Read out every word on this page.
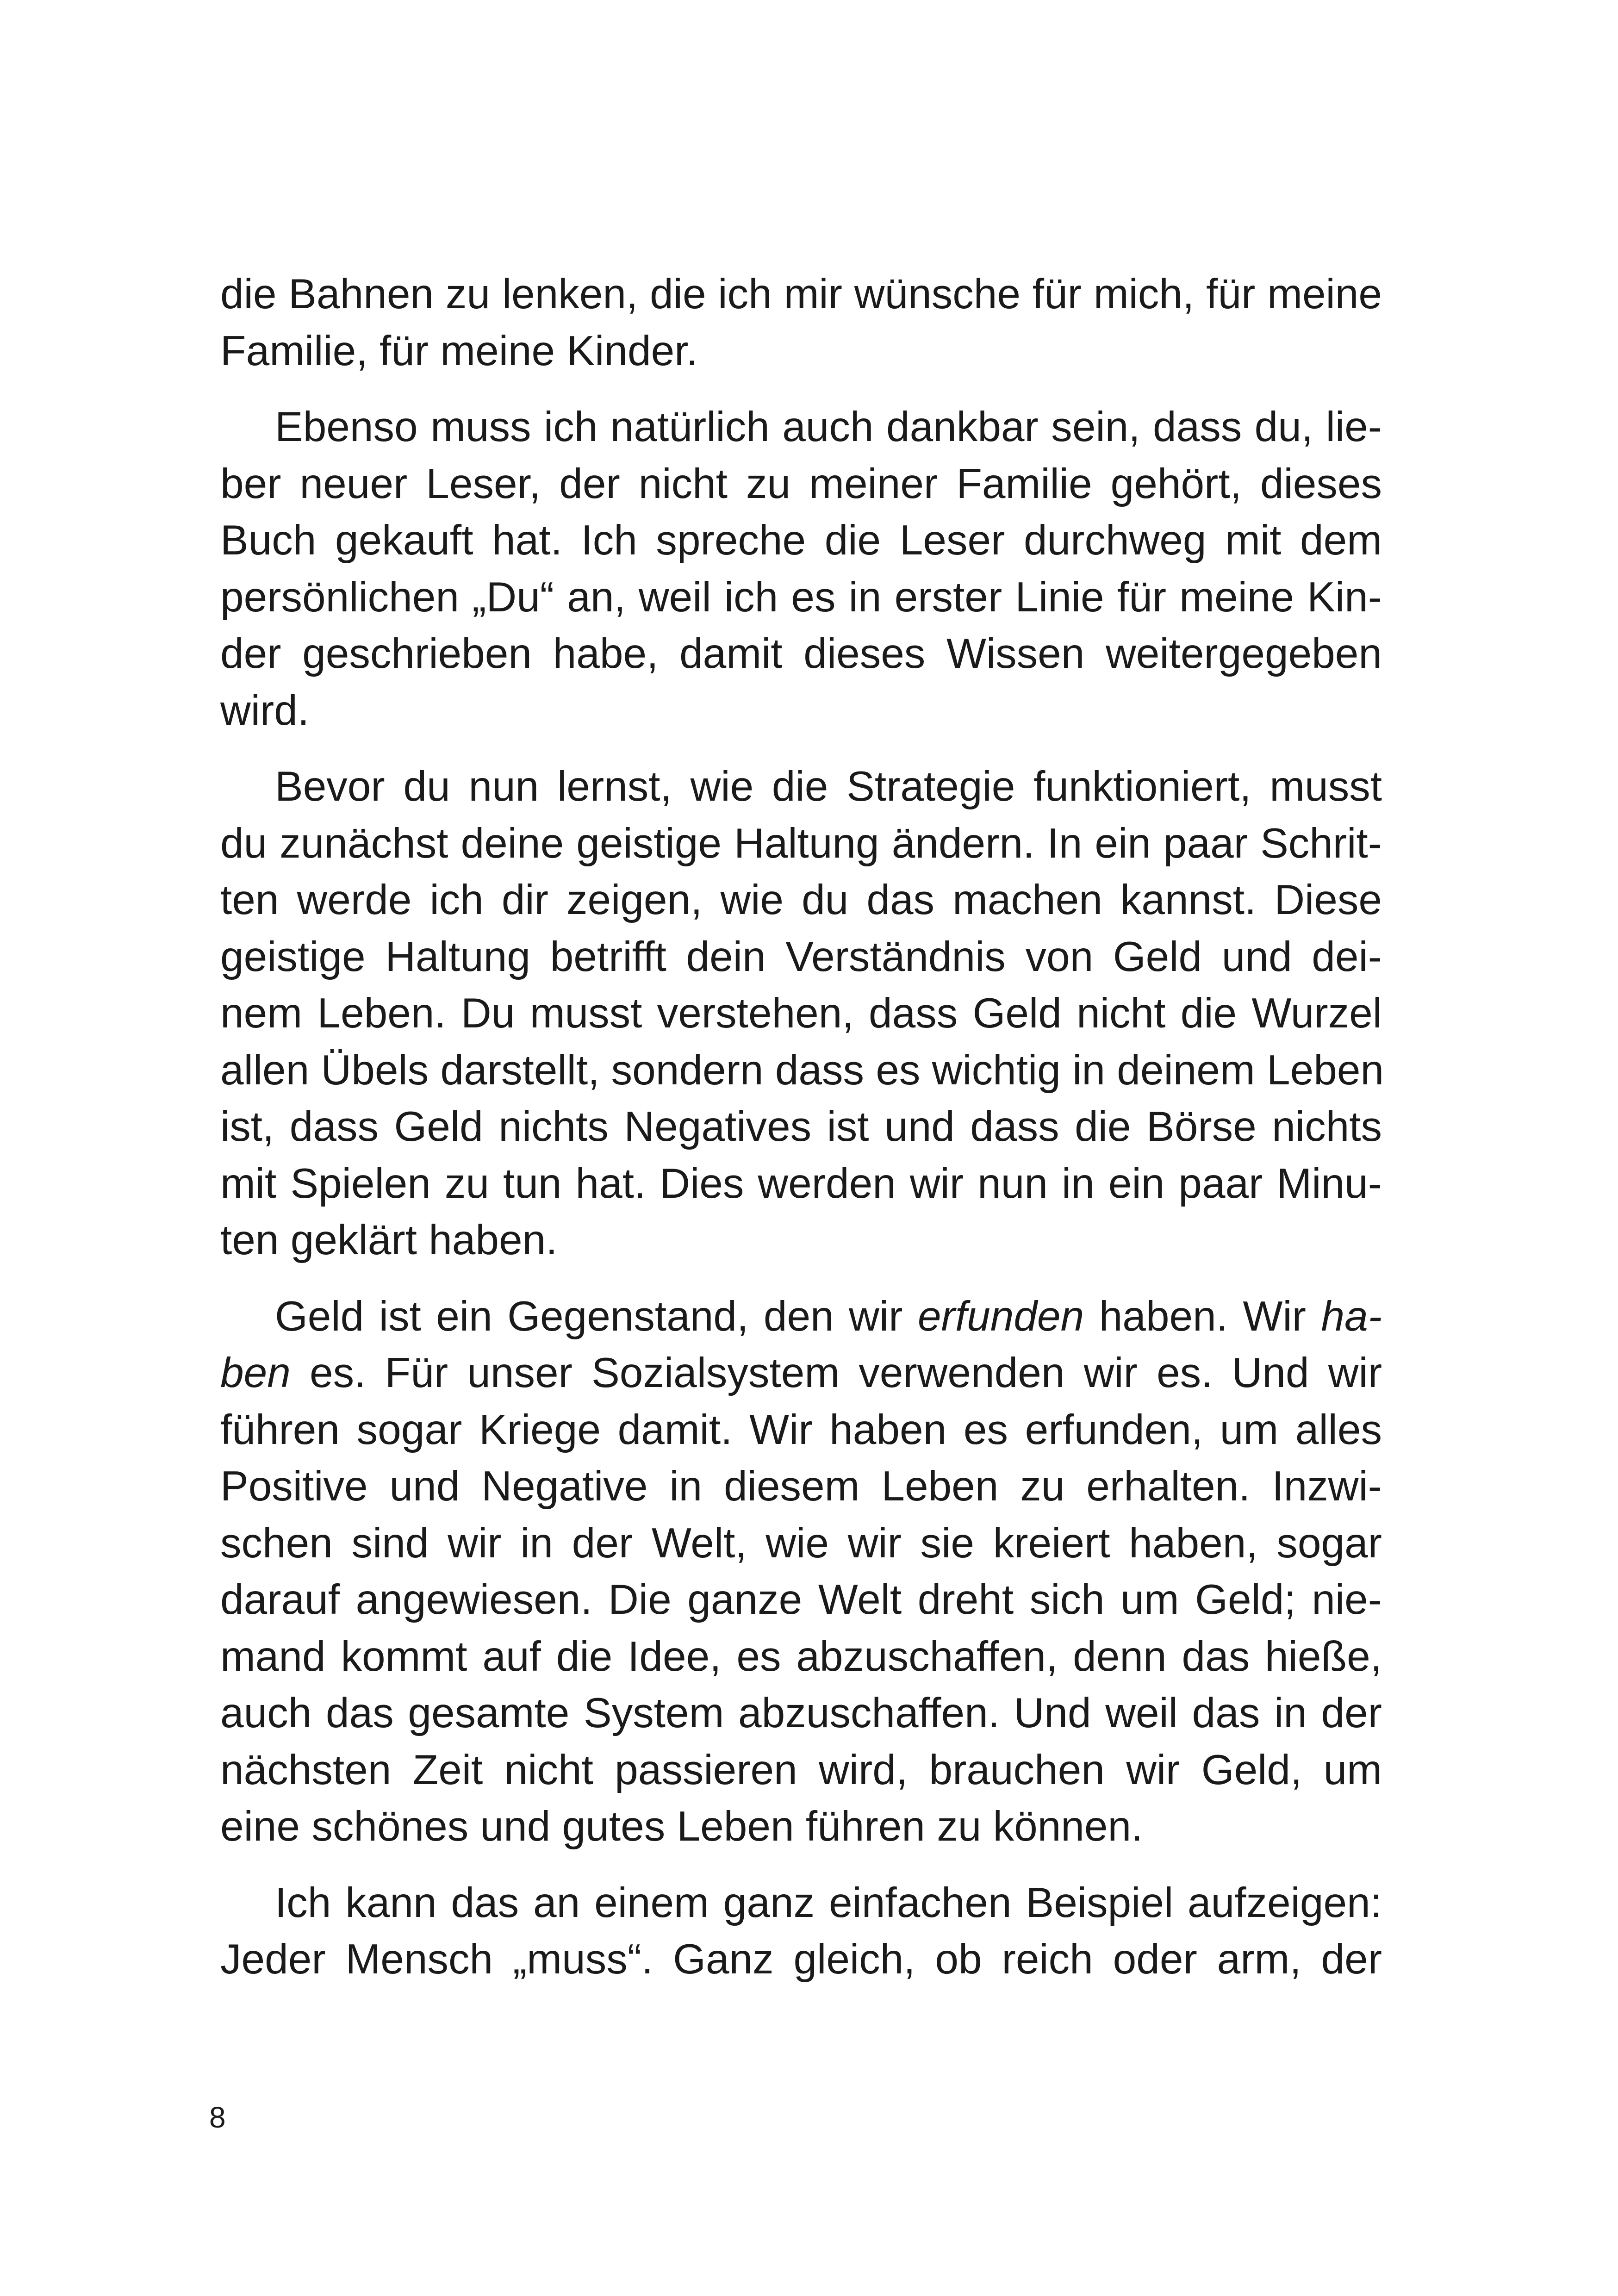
die Bahnen zu lenken, die ich mir wünsche für mich, für meine
Familie, für meine Kinder.

Ebenso muss ich natürlich auch dankbar sein, dass du, lie-
ber neuer Leser, der nicht zu meiner Familie gehört, dieses
Buch gekauft hat. Ich spreche die Leser durchweg mit dem
persönlichen „Du“ an, weil ich es in erster Linie für meine Kin-
der geschrieben habe, damit dieses Wissen weitergegeben
wird.

Bevor du nun lernst, wie die Strategie funktioniert, musst
du zunächst deine geistige Haltung ändern. In ein paar Schrit-
ten werde ich dir zeigen, wie du das machen kannst. Diese
geistige Haltung betrifft dein Verständnis von Geld und dei-
nem Leben. Du musst verstehen, dass Geld nicht die Wurzel
allen Übels darstellt, sondern dass es wichtig in deinem Leben
ist, dass Geld nichts Negatives ist und dass die Börse nichts
mit Spielen zu tun hat. Dies werden wir nun in ein paar Minu-
ten geklärt haben.

Geld ist ein Gegenstand, den wir erfunden haben. Wir ha-
ben es. Für unser Sozialsystem verwenden wir es. Und wir
führen sogar Kriege damit. Wir haben es erfunden, um alles
Positive und Negative in diesem Leben zu erhalten. Inzwi-
schen sind wir in der Welt, wie wir sie kreiert haben, sogar
darauf angewiesen. Die ganze Welt dreht sich um Geld; nie-
mand kommt auf die Idee, es abzuschaffen, denn das hieße,
auch das gesamte System abzuschaffen. Und weil das in der
nächsten Zeit nicht passieren wird, brauchen wir Geld, um
eine schönes und gutes Leben führen zu können.

Ich kann das an einem ganz einfachen Beispiel aufzeigen:
Jeder Mensch „muss“. Ganz gleich, ob reich oder arm, der

8
